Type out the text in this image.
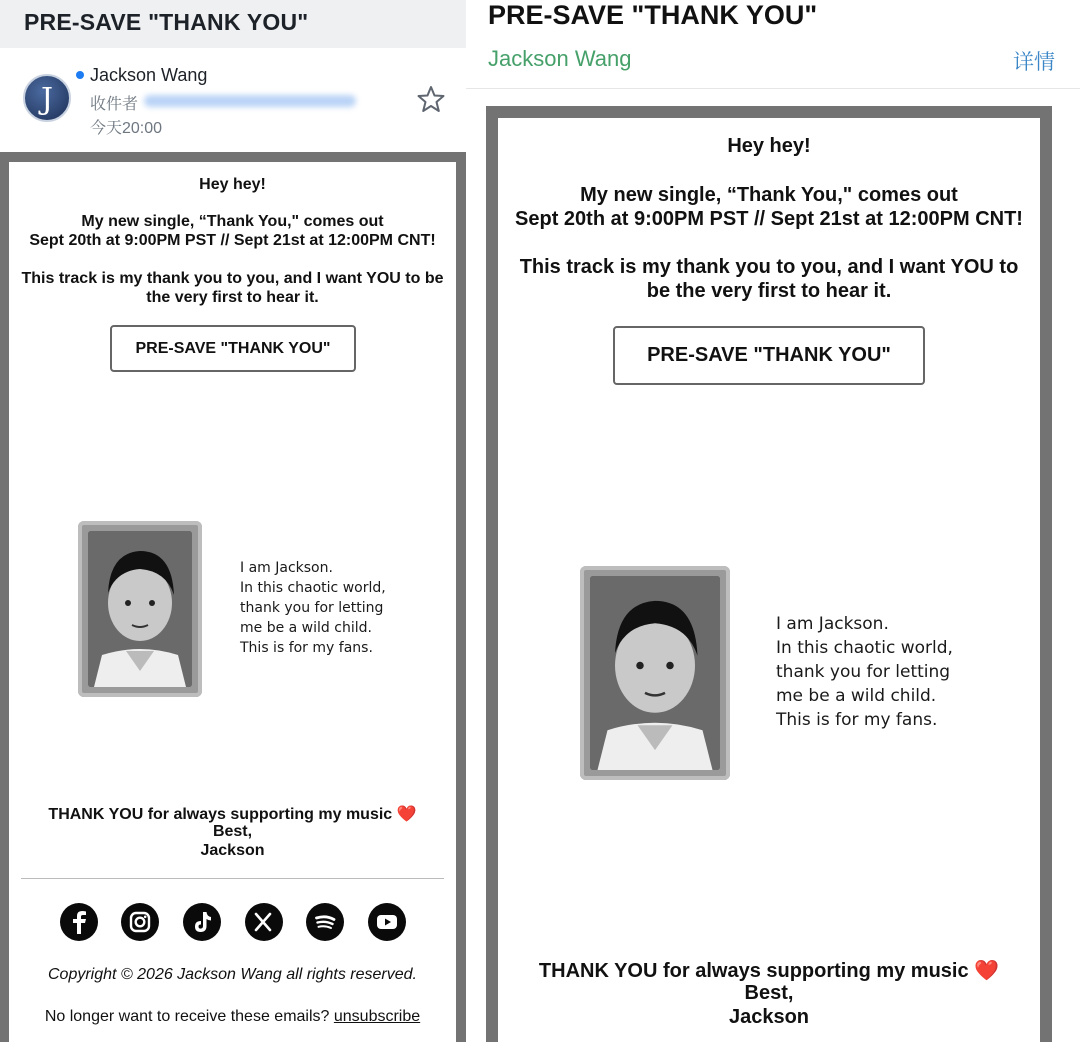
PRE-SAVE "THANK YOU"
J
Jackson Wang
收件者
今天20:00
Hey hey!
My new single, “Thank You," comes out
Sept 20th at 9:00PM PST // Sept 21st at 12:00PM CNT!
This track is my thank you to you, and I want YOU to be
the very first to hear it.
PRE-SAVE "THANK YOU"
I am Jackson.
In this chaotic world,
thank you for letting
me be a wild child.
This is for my fans.
THANK YOU for always supporting my music ❤️
Best,
Jackson
Copyright © 2026 Jackson Wang all rights reserved.
No longer want to receive these emails? unsubscribe
PRE-SAVE "THANK YOU"
Jackson Wang	详情
Hey hey!
My new single, “Thank You," comes out
Sept 20th at 9:00PM PST // Sept 21st at 12:00PM CNT!
This track is my thank you to you, and I want YOU to
be the very first to hear it.
PRE-SAVE "THANK YOU"
I am Jackson.
In this chaotic world,
thank you for letting
me be a wild child.
This is for my fans.
THANK YOU for always supporting my music ❤️
Best,
Jackson
